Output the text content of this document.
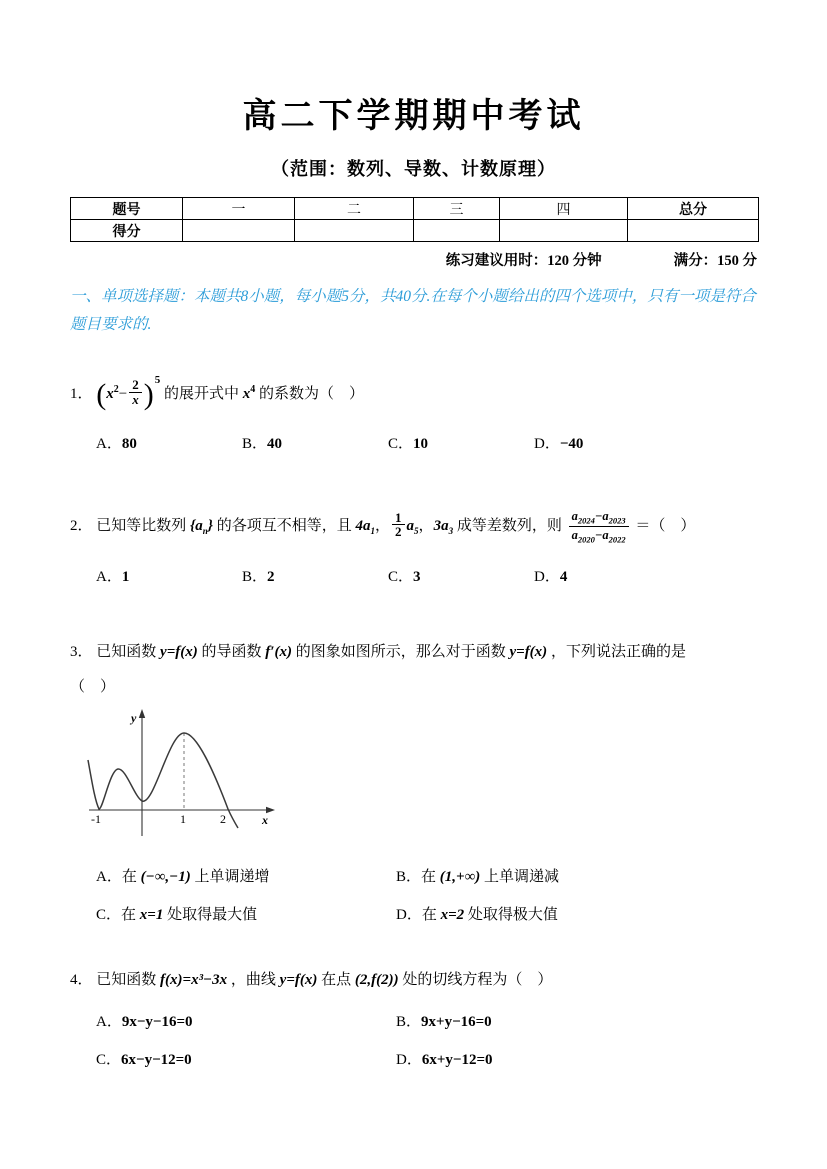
高二下学期期中考试
（范围：数列、导数、计数原理）
题号	一	二	三	四	总分
得分					
练习建议用时：120 分钟	满分：150 分
一、单项选择题：本题共8小题，每小题5分，共40分.在每个小题给出的四个选项中，只有一项是符合题目要求的.
1． $(x^2- \frac{2}{x} )^5$ 的展开式中 $x^4$ 的系数为（　）
A．80	B．40	C．10	D．−40
2． 已知等比数列 $\{a_n\}$ 的各项互不相等，且 $4a_1$， $\frac{1}{2} a_5$，$3a_3$ 成等差数列，则 $\frac{a_{2024}-a_{2023}}{a_{2020}-a_{2022}}$ ＝（　）
A．1	B．2	C．3	D．4
3． 已知函数 y=f(x) 的导函数 f′(x) 的图象如图所示，那么对于函数 y=f(x) ，下列说法正确的是
（　）
y
x
-1	1	2
A．在 (−∞,−1) 上单调递增	B．在 (1,+∞) 上单调递减
C．在 x=1 处取得最大值	D．在 x=2 处取得极大值
4． 已知函数 f(x)=x³−3x ，曲线 y=f(x) 在点 (2,f(2)) 处的切线方程为（　）
A．9x−y−16=0	B．9x+y−16=0
C．6x−y−12=0	D．6x+y−12=0
